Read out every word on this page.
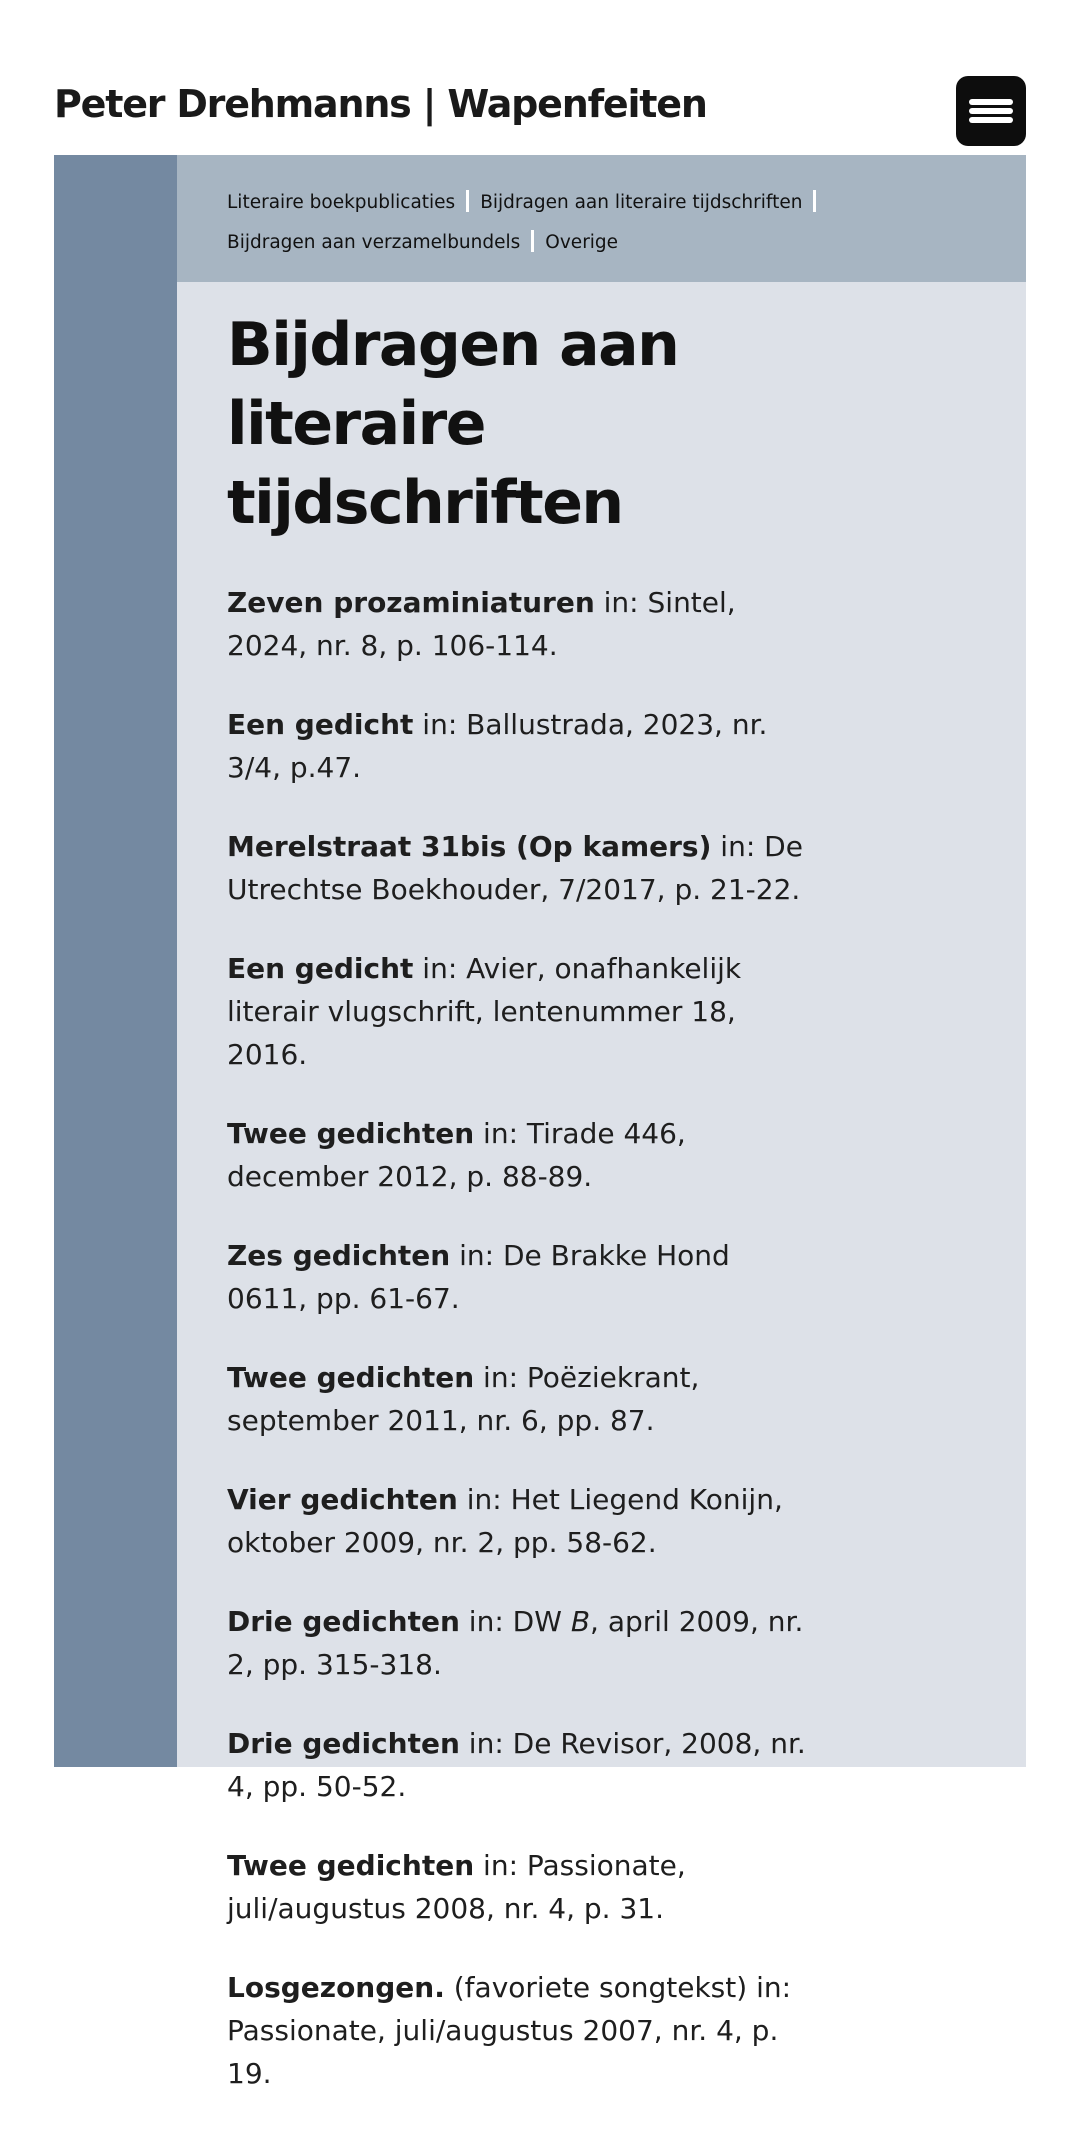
Peter Drehmanns | Wapenfeiten
Literaire boekpublicaties Bijdragen aan literaire tijdschriften
Bijdragen aan verzamelbundels Overige
Bijdragen aan literaire tijdschriften

Zeven prozaminiaturen in: Sintel, 2024, nr. 8, p. 106-114.

Een gedicht in: Ballustrada, 2023, nr. 3/4, p.47.

Merelstraat 31bis (Op kamers) in: De Utrechtse Boekhouder, 7/2017, p. 21-22.

Een gedicht in: Avier, onafhankelijk literair vlugschrift, lentenummer 18, 2016.

Twee gedichten in: Tirade 446, december 2012, p. 88-89.

Zes gedichten in: De Brakke Hond 0611, pp. 61-67.

Twee gedichten in: Poëziekrant, september 2011, nr. 6, pp. 87.

Vier gedichten in: Het Liegend Konijn, oktober 2009, nr. 2, pp. 58-62.

Drie gedichten in: DW B, april 2009, nr. 2, pp. 315-318.

Drie gedichten in: De Revisor, 2008, nr. 4, pp. 50-52.

Twee gedichten in: Passionate, juli/augustus 2008, nr. 4, p. 31.

Losgezongen. (favoriete songtekst) in: Passionate, juli/augustus 2007, nr. 4, p. 19.
